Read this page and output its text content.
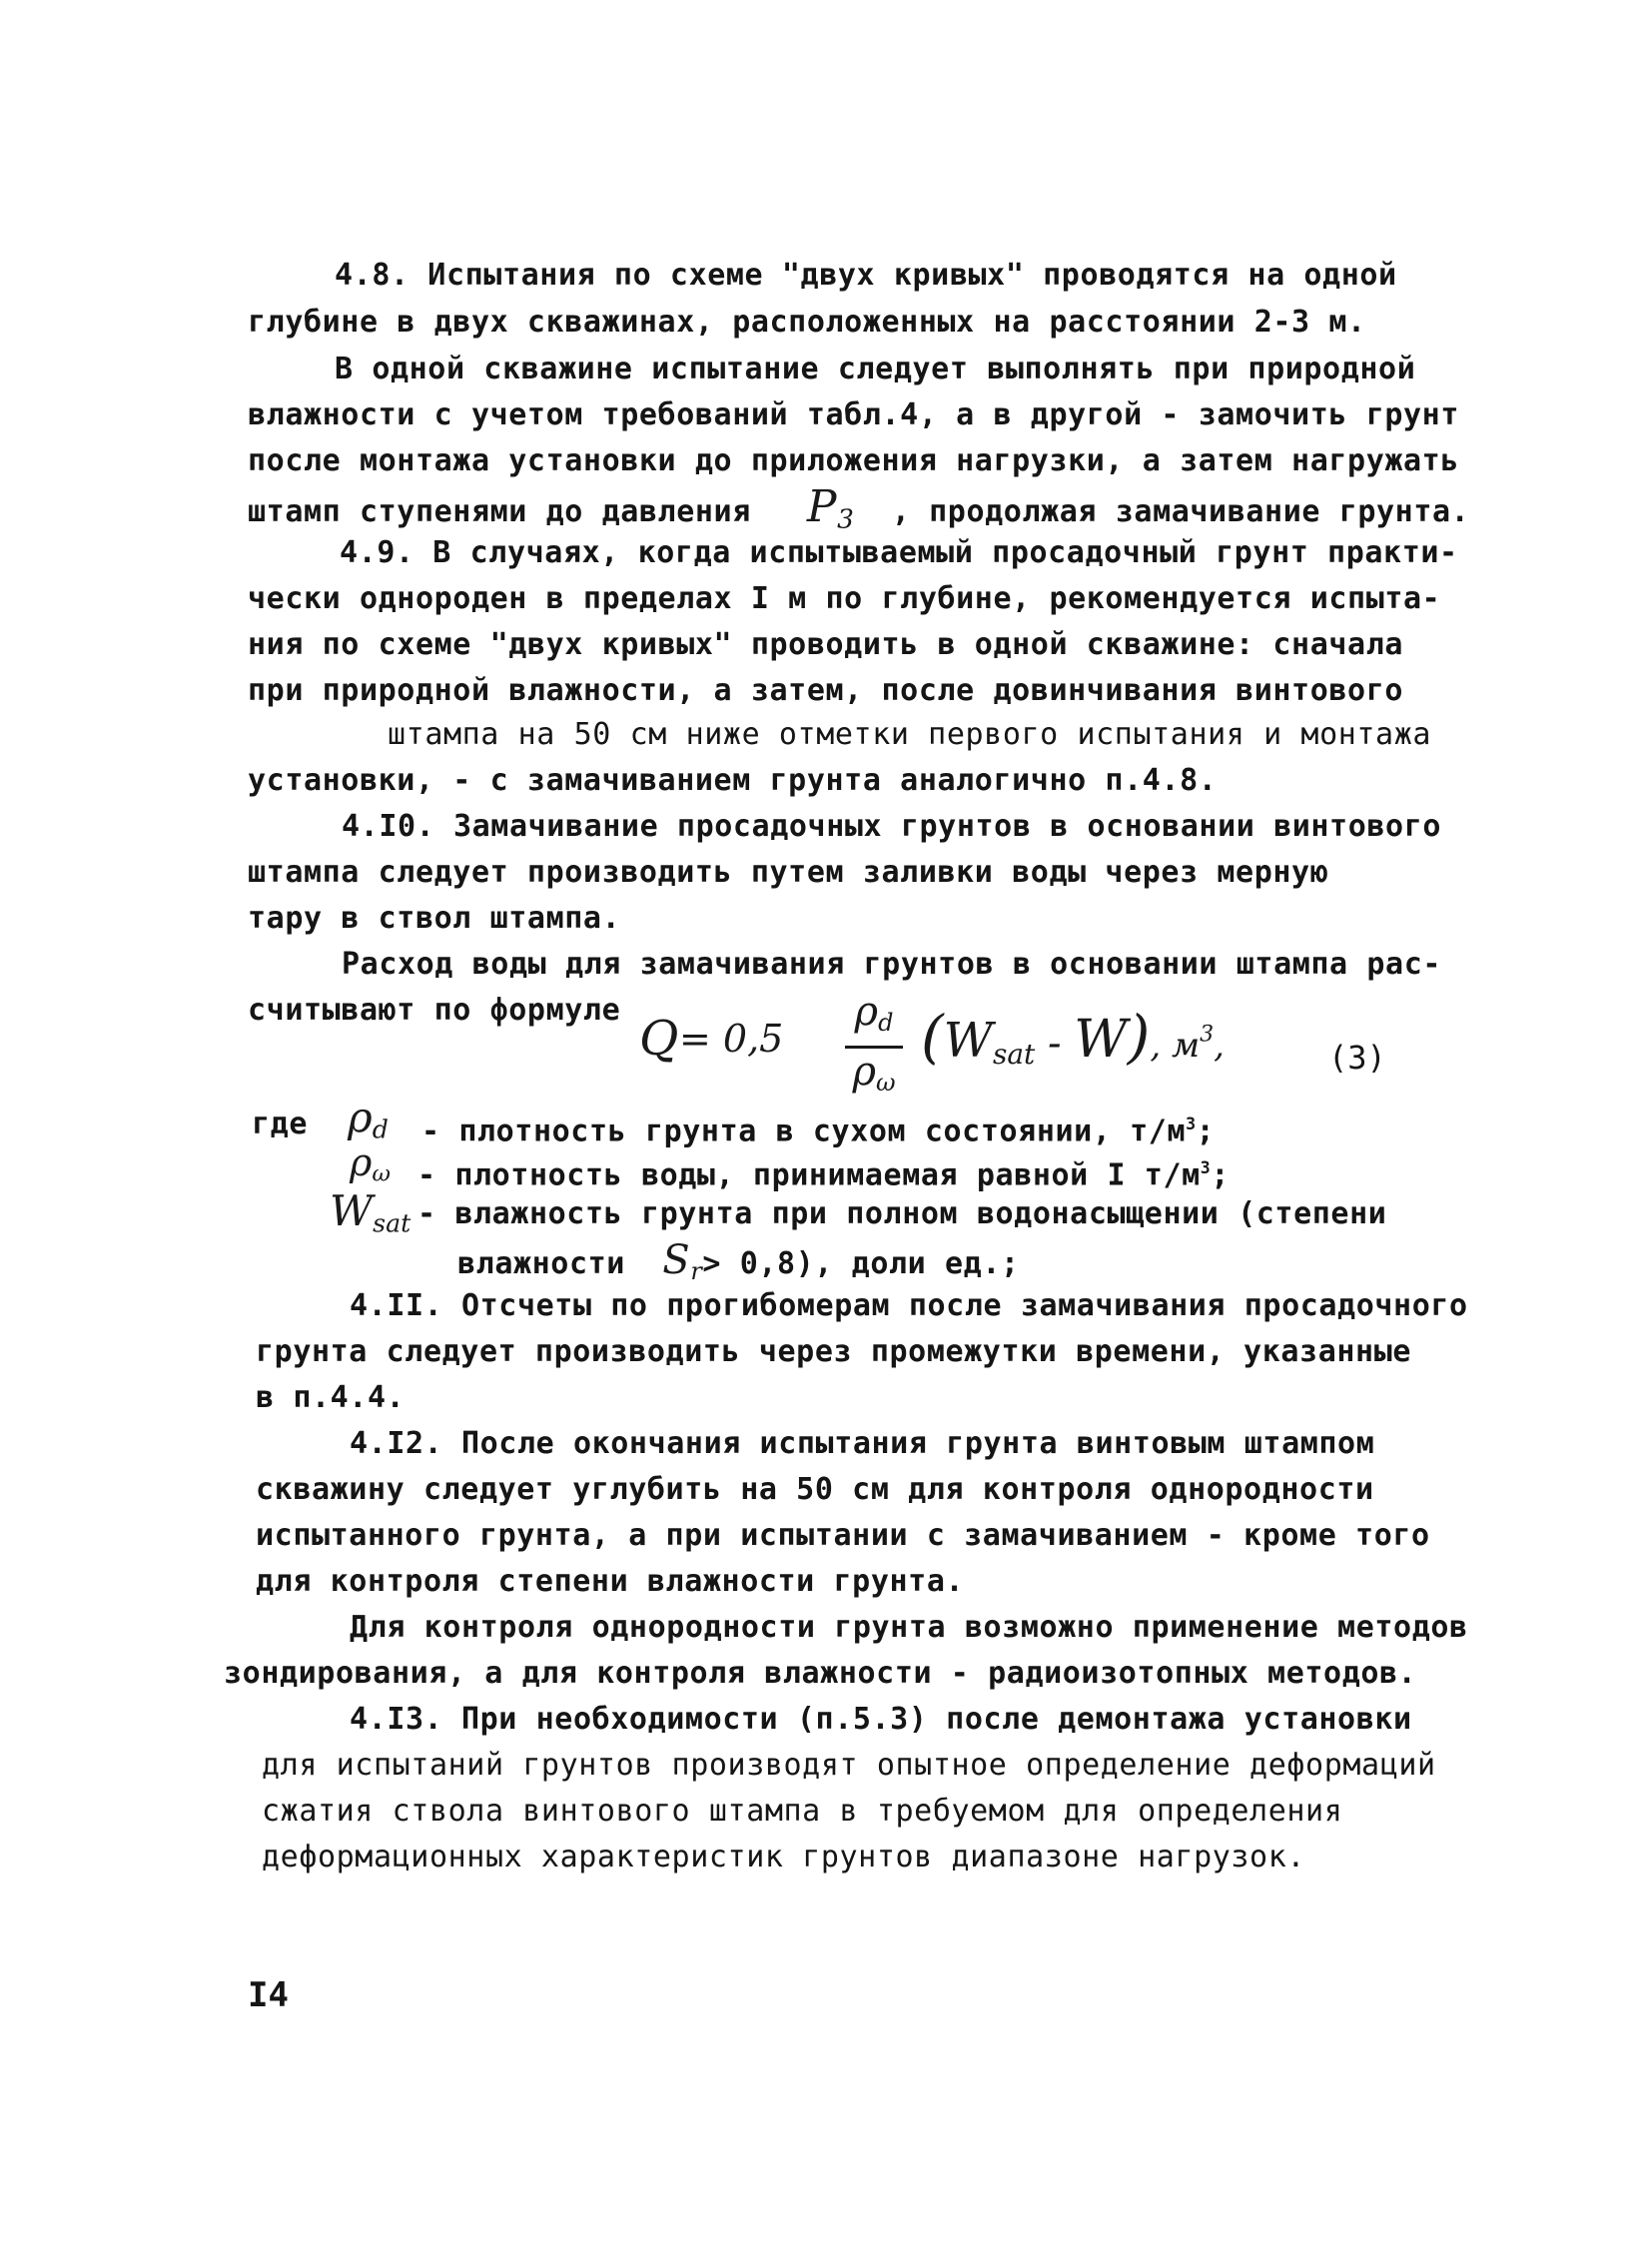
4.8. Испытания по схеме "двух кривых" проводятся на одной
глубине в двух скважинах, расположенных на расстоянии 2-3 м.
В одной скважине испытание следует выполнять при природной
влажности с учетом требований табл.4, а в другой - замочить грунт
после монтажа установки до приложения нагрузки, а затем нагружать
штамп ступенями до давления $P_3$ , продолжая замачивание грунта.
4.9. В случаях, когда испытываемый просадочный грунт практи-
чески однороден в пределах I м по глубине, рекомендуется испыта-
ния по схеме "двух кривых" проводить в одной скважине: сначала
при природной влажности, а затем, после довинчивания винтового
штампа на 50 см ниже отметки первого испытания и монтажа
установки, - с замачиванием грунта аналогично п.4.8.
4.I0. Замачивание просадочных грунтов в основании винтового
штампа следует производить путем заливки воды через мерную
тару в ствол штампа.
Расход воды для замачивания грунтов в основании штампа рас-
считывают по формуле
Q = 0,5
$\rho_d$
$\rho_\omega$
$(W_{sat} - W)$, $м^3$,	(3)
где $\rho_d$ - плотность грунта в сухом состоянии, $т/м^3$;
$\rho_\omega$ - плотность воды, принимаемая равной I $т/м^3$;
$W_{sat}$ - влажность грунта при полном водонасыщении (степени
влажности $S_r> 0,8$), доли ед.;
4.II. Отсчеты по прогибомерам после замачивания просадочного
грунта следует производить через промежутки времени, указанные
в п.4.4.
4.I2. После окончания испытания грунта винтовым штампом
скважину следует углубить на 50 см для контроля однородности
испытанного грунта, а при испытании с замачиванием - кроме того
для контроля степени влажности грунта.
Для контроля однородности грунта возможно применение методов
зондирования, а для контроля влажности - радиоизотопных методов.
4.I3. При необходимости (п.5.3) после демонтажа установки
для испытаний грунтов производят опытное определение деформаций
сжатия ствола винтового штампа в требуемом для определения
деформационных характеристик грунтов диапазоне нагрузок.
I4
